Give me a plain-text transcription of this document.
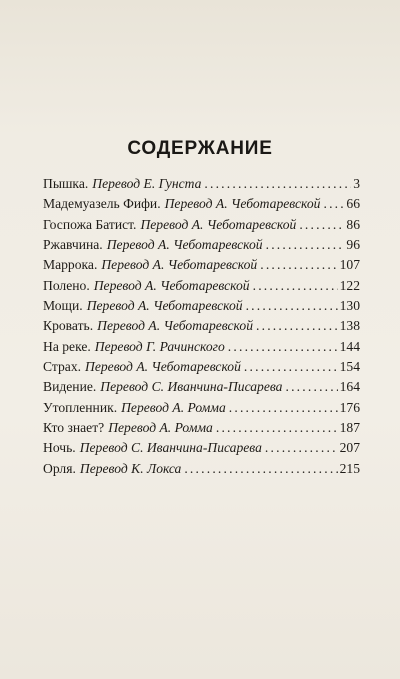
СОДЕРЖАНИЕ
Пышка. Перевод Е. Гунста . . .	3
Мадемуазель Фифи. Перевод А. Чеботаревской . . . 66
Госпожа Батист. Перевод А. Чеботаревской . . .	86
Ржавчина. Перевод А. Чеботаревской . . .	96
Маррока. Перевод А. Чеботаревской . . .	107
Полено. Перевод А. Чеботаревской . . .	122
Мощи. Перевод А. Чеботаревской . . .	130
Кровать. Перевод А. Чеботаревской . . .	138
На реке. Перевод Г. Рачинского . . .	144
Страх. Перевод А. Чеботаревской . . .	154
Видение. Перевод С. Иванчина-Писарева . . .	164
Утопленник. Перевод А. Ромма . . .	176
Кто знает? Перевод А. Ромма . . .	187
Ночь. Перевод С. Иванчина-Писарева . . .	207
Орля. Перевод К. Локса . . .	215
